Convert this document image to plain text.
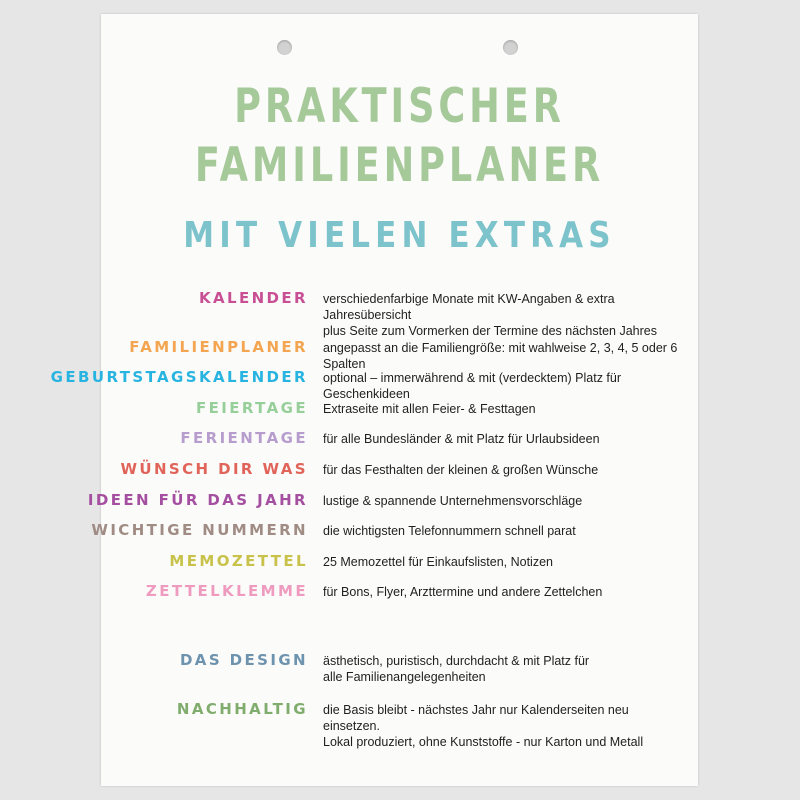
PRAKTISCHER
FAMILIENPLANER
MIT VIELEN EXTRAS
KALENDER verschiedenfarbige Monate mit KW-Angaben & extra Jahresübersicht
plus Seite zum Vormerken der Termine des nächsten Jahres
FAMILIENPLANER angepasst an die Familiengröße: mit wahlweise 2, 3, 4, 5 oder 6 Spalten
GEBURTSTAGSKALENDER optional – immerwährend & mit (verdecktem) Platz für Geschenkideen
FEIERTAGE Extraseite mit allen Feier- & Festtagen
FERIENTAGE für alle Bundesländer & mit Platz für Urlaubsideen
WÜNSCH DIR WAS für das Festhalten der kleinen & großen Wünsche
IDEEN FÜR DAS JAHR lustige & spannende Unternehmensvorschläge
WICHTIGE NUMMERN die wichtigsten Telefonnummern schnell parat
MEMOZETTEL 25 Memozettel für Einkaufslisten, Notizen
ZETTELKLEMME für Bons, Flyer, Arzttermine und andere Zettelchen
DAS DESIGN ästhetisch, puristisch, durchdacht & mit Platz für
alle Familienangelegenheiten
NACHHALTIG die Basis bleibt - nächstes Jahr nur Kalenderseiten neu einsetzen.
Lokal produziert, ohne Kunststoffe - nur Karton und Metall
